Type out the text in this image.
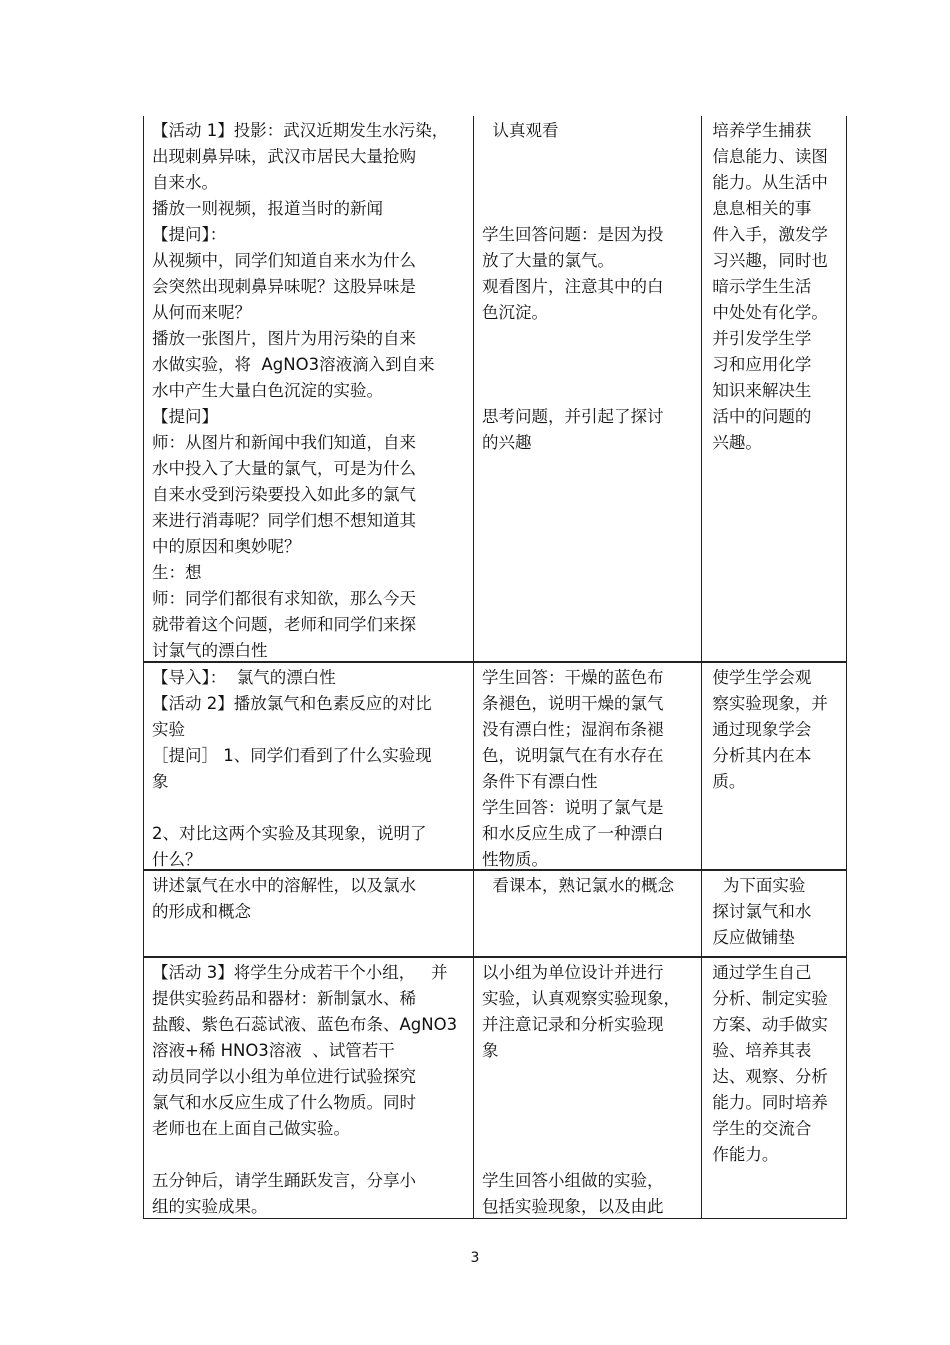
【活动 1】投影：武汉近期发生水污染，
出现刺鼻异味，武汉市居民大量抢购
自来水。
播放一则视频，报道当时的新闻
【提问】：
从视频中，同学们知道自来水为什么
会突然出现刺鼻异味呢？这股异味是
从何而来呢？
播放一张图片，图片为用污染的自来
水做实验，将  AgNO3溶液滴入到自来
水中产生大量白色沉淀的实验。
【提问】
师：从图片和新闻中我们知道，自来
水中投入了大量的氯气，可是为什么
自来水受到污染要投入如此多的氯气
来进行消毒呢？同学们想不想知道其
中的原因和奥妙呢？
生：想
师：同学们都很有求知欲，那么今天
就带着这个问题，老师和同学们来探
讨氯气的漂白性
认真观看
学生回答问题：是因为投
放了大量的氯气。
观看图片，注意其中的白
色沉淀。
思考问题，并引起了探讨
的兴趣
培养学生捕获
信息能力、读图
能力。从生活中
息息相关的事
件入手，激发学
习兴趣，同时也
暗示学生生活
中处处有化学。
并引发学生学
习和应用化学
知识来解决生
活中的问题的
兴趣。
【导入】：  氯气的漂白性
【活动 2】播放氯气和色素反应的对比
实验
［提问］ 1、同学们看到了什么实验现
象
2、对比这两个实验及其现象，说明了
什么？
学生回答：干燥的蓝色布
条褪色，说明干燥的氯气
没有漂白性；湿润布条褪
色，说明氯气在有水存在
条件下有漂白性
学生回答：说明了氯气是
和水反应生成了一种漂白
性物质。
使学生学会观
察实验现象，并
通过现象学会
分析其内在本
质。
讲述氯气在水中的溶解性，以及氯水
的形成和概念
看课本，熟记氯水的概念	为下面实验
探讨氯气和水
反应做铺垫
【活动 3】将学生分成若干个小组，   并
提供实验药品和器材：新制氯水、稀
盐酸、紫色石蕊试液、蓝色布条、AgNO3
溶液+稀 HNO3溶液  、试管若干
动员同学以小组为单位进行试验探究
氯气和水反应生成了什么物质。同时
老师也在上面自己做实验。
五分钟后，请学生踊跃发言，分享小
组的实验成果。
以小组为单位设计并进行
实验，认真观察实验现象，
并注意记录和分析实验现
象
学生回答小组做的实验，
包括实验现象，以及由此
通过学生自己
分析、制定实验
方案、动手做实
验、培养其表
达、观察、分析
能力。同时培养
学生的交流合
作能力。
3
